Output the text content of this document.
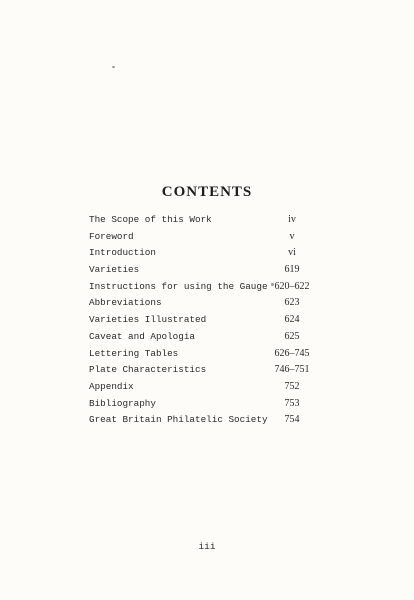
CONTENTS
The Scope of this Work	iv
Foreword	v
Introduction	vi
Varieties	619
Instructions for using the Gauge 620–622
Abbreviations	623
Varieties Illustrated	624
Caveat and Apologia	625
Lettering Tables	626–745
Plate Characteristics	746–751
Appendix	752
Bibliography	753
Great Britain Philatelic Society	754
iii
